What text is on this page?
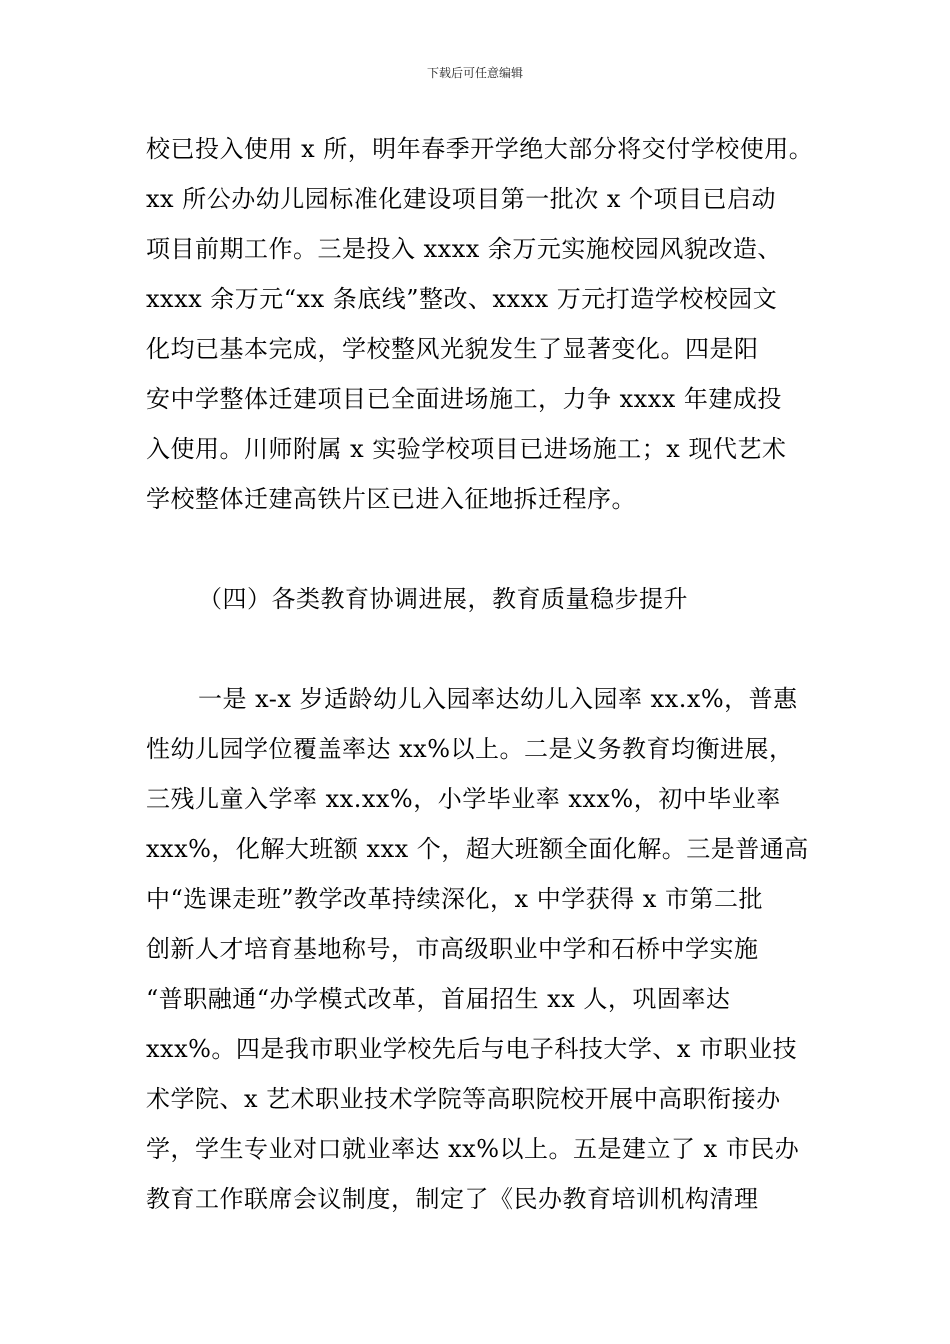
下载后可任意编辑
校已投入使用 x 所，明年春季开学绝大部分将交付学校使用。
xx 所公办幼儿园标准化建设项目第一批次 x 个项目已启动
项目前期工作。三是投入 xxxx 余万元实施校园风貌改造、
xxxx 余万元“xx 条底线”整改、xxxx 万元打造学校校园文
化均已基本完成，学校整风光貌发生了显著变化。四是阳
安中学整体迁建项目已全面进场施工，力争 xxxx 年建成投
入使用。川师附属 x 实验学校项目已进场施工；x 现代艺术
学校整体迁建高铁片区已进入征地拆迁程序。
（四）各类教育协调进展，教育质量稳步提升
一是 x-x 岁适龄幼儿入园率达幼儿入园率 xx.x%，普惠
性幼儿园学位覆盖率达 xx%以上。二是义务教育均衡进展，
三残儿童入学率 xx.xx%，小学毕业率 xxx%，初中毕业率
xxx%，化解大班额 xxx 个，超大班额全面化解。三是普通高
中“选课走班”教学改革持续深化，x 中学获得 x 市第二批
创新人才培育基地称号，市高级职业中学和石桥中学实施
“普职融通“办学模式改革，首届招生 xx 人，巩固率达
xxx%。四是我市职业学校先后与电子科技大学、x 市职业技
术学院、x 艺术职业技术学院等高职院校开展中高职衔接办
学，学生专业对口就业率达 xx%以上。五是建立了 x 市民办
教育工作联席会议制度，制定了《民办教育培训机构清理
